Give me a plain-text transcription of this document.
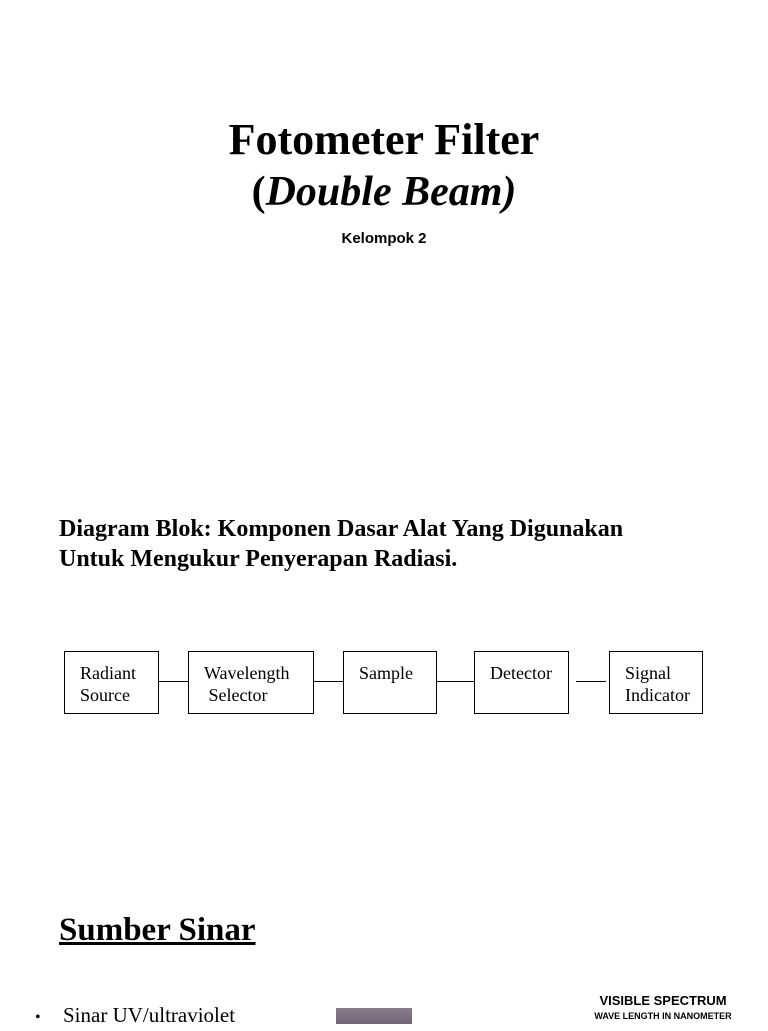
Fotometer Filter
(Double Beam)
Kelompok 2
Diagram Blok: Komponen Dasar Alat Yang Digunakan
Untuk Mengukur Penyerapan Radiasi.
Radiant
Source
Wavelength
Selector
Sample	Detector	Signal
Indicator
Sumber Sinar
• Sinar UV/ultraviolet
VISIBLE SPECTRUM
WAVE LENGTH IN NANOMETER
